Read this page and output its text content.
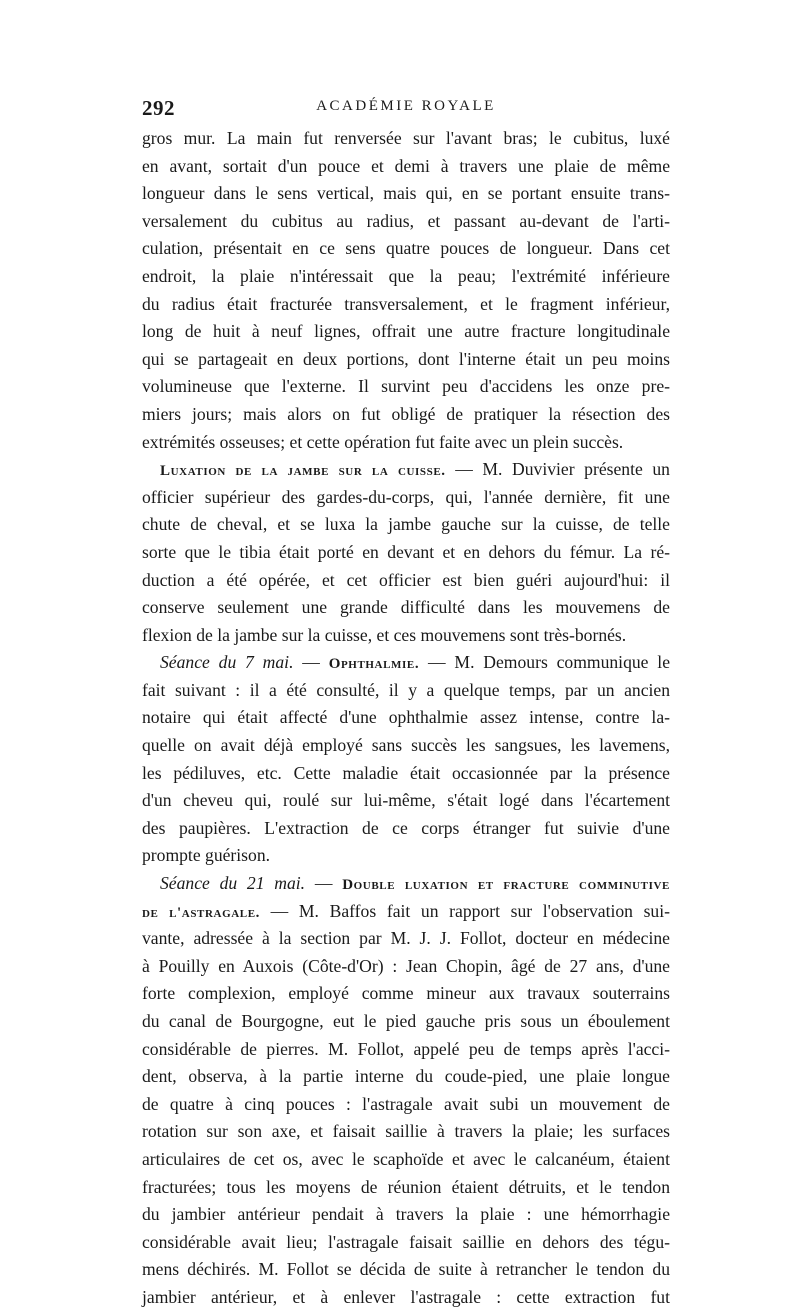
292	ACADÉMIE ROYALE
gros mur. La main fut renversée sur l'avant bras; le cubitus, luxé
en avant, sortait d'un pouce et demi à travers une plaie de même
longueur dans le sens vertical, mais qui, en se portant ensuite trans-
versalement du cubitus au radius, et passant au-devant de l'arti-
culation, présentait en ce sens quatre pouces de longueur. Dans cet
endroit, la plaie n'intéressait que la peau; l'extrémité inférieure
du radius était fracturée transversalement, et le fragment inférieur,
long de huit à neuf lignes, offrait une autre fracture longitudinale
qui se partageait en deux portions, dont l'interne était un peu moins
volumineuse que l'externe. Il survint peu d'accidens les onze pre-
miers jours; mais alors on fut obligé de pratiquer la résection des
extrémités osseuses; et cette opération fut faite avec un plein succès.
Luxation de la jambe sur la cuisse. — M. Duvivier présente un
officier supérieur des gardes-du-corps, qui, l'année dernière, fit une
chute de cheval, et se luxa la jambe gauche sur la cuisse, de telle
sorte que le tibia était porté en devant et en dehors du fémur. La ré-
duction a été opérée, et cet officier est bien guéri aujourd'hui: il
conserve seulement une grande difficulté dans les mouvemens de
flexion de la jambe sur la cuisse, et ces mouvemens sont très-bornés.
Séance du 7 mai. — Ophthalmie. — M. Demours communique le
fait suivant : il a été consulté, il y a quelque temps, par un ancien
notaire qui était affecté d'une ophthalmie assez intense, contre la-
quelle on avait déjà employé sans succès les sangsues, les lavemens,
les pédiluves, etc. Cette maladie était occasionnée par la présence
d'un cheveu qui, roulé sur lui-même, s'était logé dans l'écartement
des paupières. L'extraction de ce corps étranger fut suivie d'une
prompte guérison.
Séance du 21 mai. — Double luxation et fracture comminutive
de l'astragale. — M. Baffos fait un rapport sur l'observation sui-
vante, adressée à la section par M. J. J. Follot, docteur en médecine
à Pouilly en Auxois (Côte-d'Or) : Jean Chopin, âgé de 27 ans, d'une
forte complexion, employé comme mineur aux travaux souterrains
du canal de Bourgogne, eut le pied gauche pris sous un éboulement
considérable de pierres. M. Follot, appelé peu de temps après l'acci-
dent, observa, à la partie interne du coude-pied, une plaie longue
de quatre à cinq pouces : l'astragale avait subi un mouvement de
rotation sur son axe, et faisait saillie à travers la plaie; les surfaces
articulaires de cet os, avec le scaphoïde et avec le calcanéum, étaient
fracturées; tous les moyens de réunion étaient détruits, et le tendon
du jambier antérieur pendait à travers la plaie : une hémorrhagie
considérable avait lieu; l'astragale faisait saillie en dehors des tégu-
mens déchirés. M. Follot se décida de suite à retrancher le tendon du
jambier antérieur, et à enlever l'astragale : cette extraction fut
